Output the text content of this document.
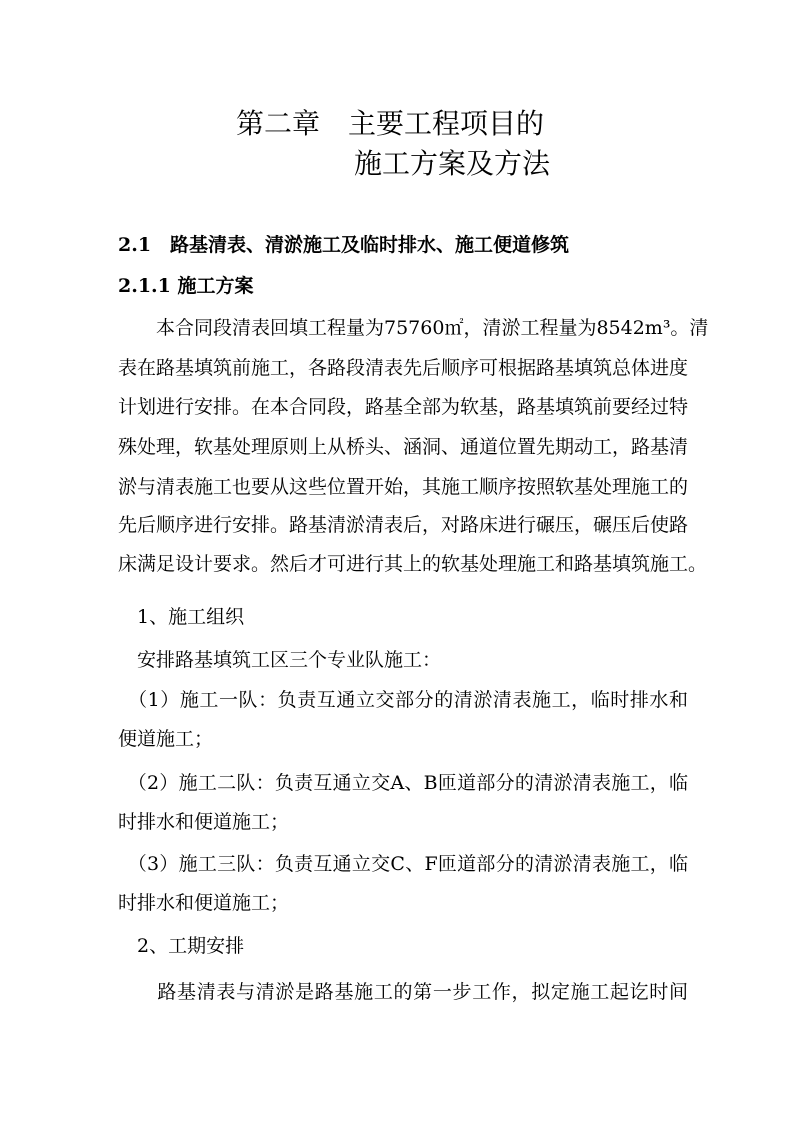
第二章　主要工程项目的
施工方案及方法
2.1　路基清表、清淤施工及临时排水、施工便道修筑
2.1.1 施工方案
　　本合同段清表回填工程量为75760㎡，清淤工程量为8542m³。清
表在路基填筑前施工，各路段清表先后顺序可根据路基填筑总体进度
计划进行安排。在本合同段，路基全部为软基，路基填筑前要经过特
殊处理，软基处理原则上从桥头、涵洞、通道位置先期动工，路基清
淤与清表施工也要从这些位置开始，其施工顺序按照软基处理施工的
先后顺序进行安排。路基清淤清表后，对路床进行碾压，碾压后使路
床满足设计要求。然后才可进行其上的软基处理施工和路基填筑施工。
　1、施工组织
　安排路基填筑工区三个专业队施工：
　（1）施工一队：负责互通立交部分的清淤清表施工，临时排水和
便道施工；
　（2）施工二队：负责互通立交A、B匝道部分的清淤清表施工，临
时排水和便道施工；
　（3）施工三队：负责互通立交C、F匝道部分的清淤清表施工，临
时排水和便道施工；
　2、工期安排
　　路基清表与清淤是路基施工的第一步工作，拟定施工起讫时间
